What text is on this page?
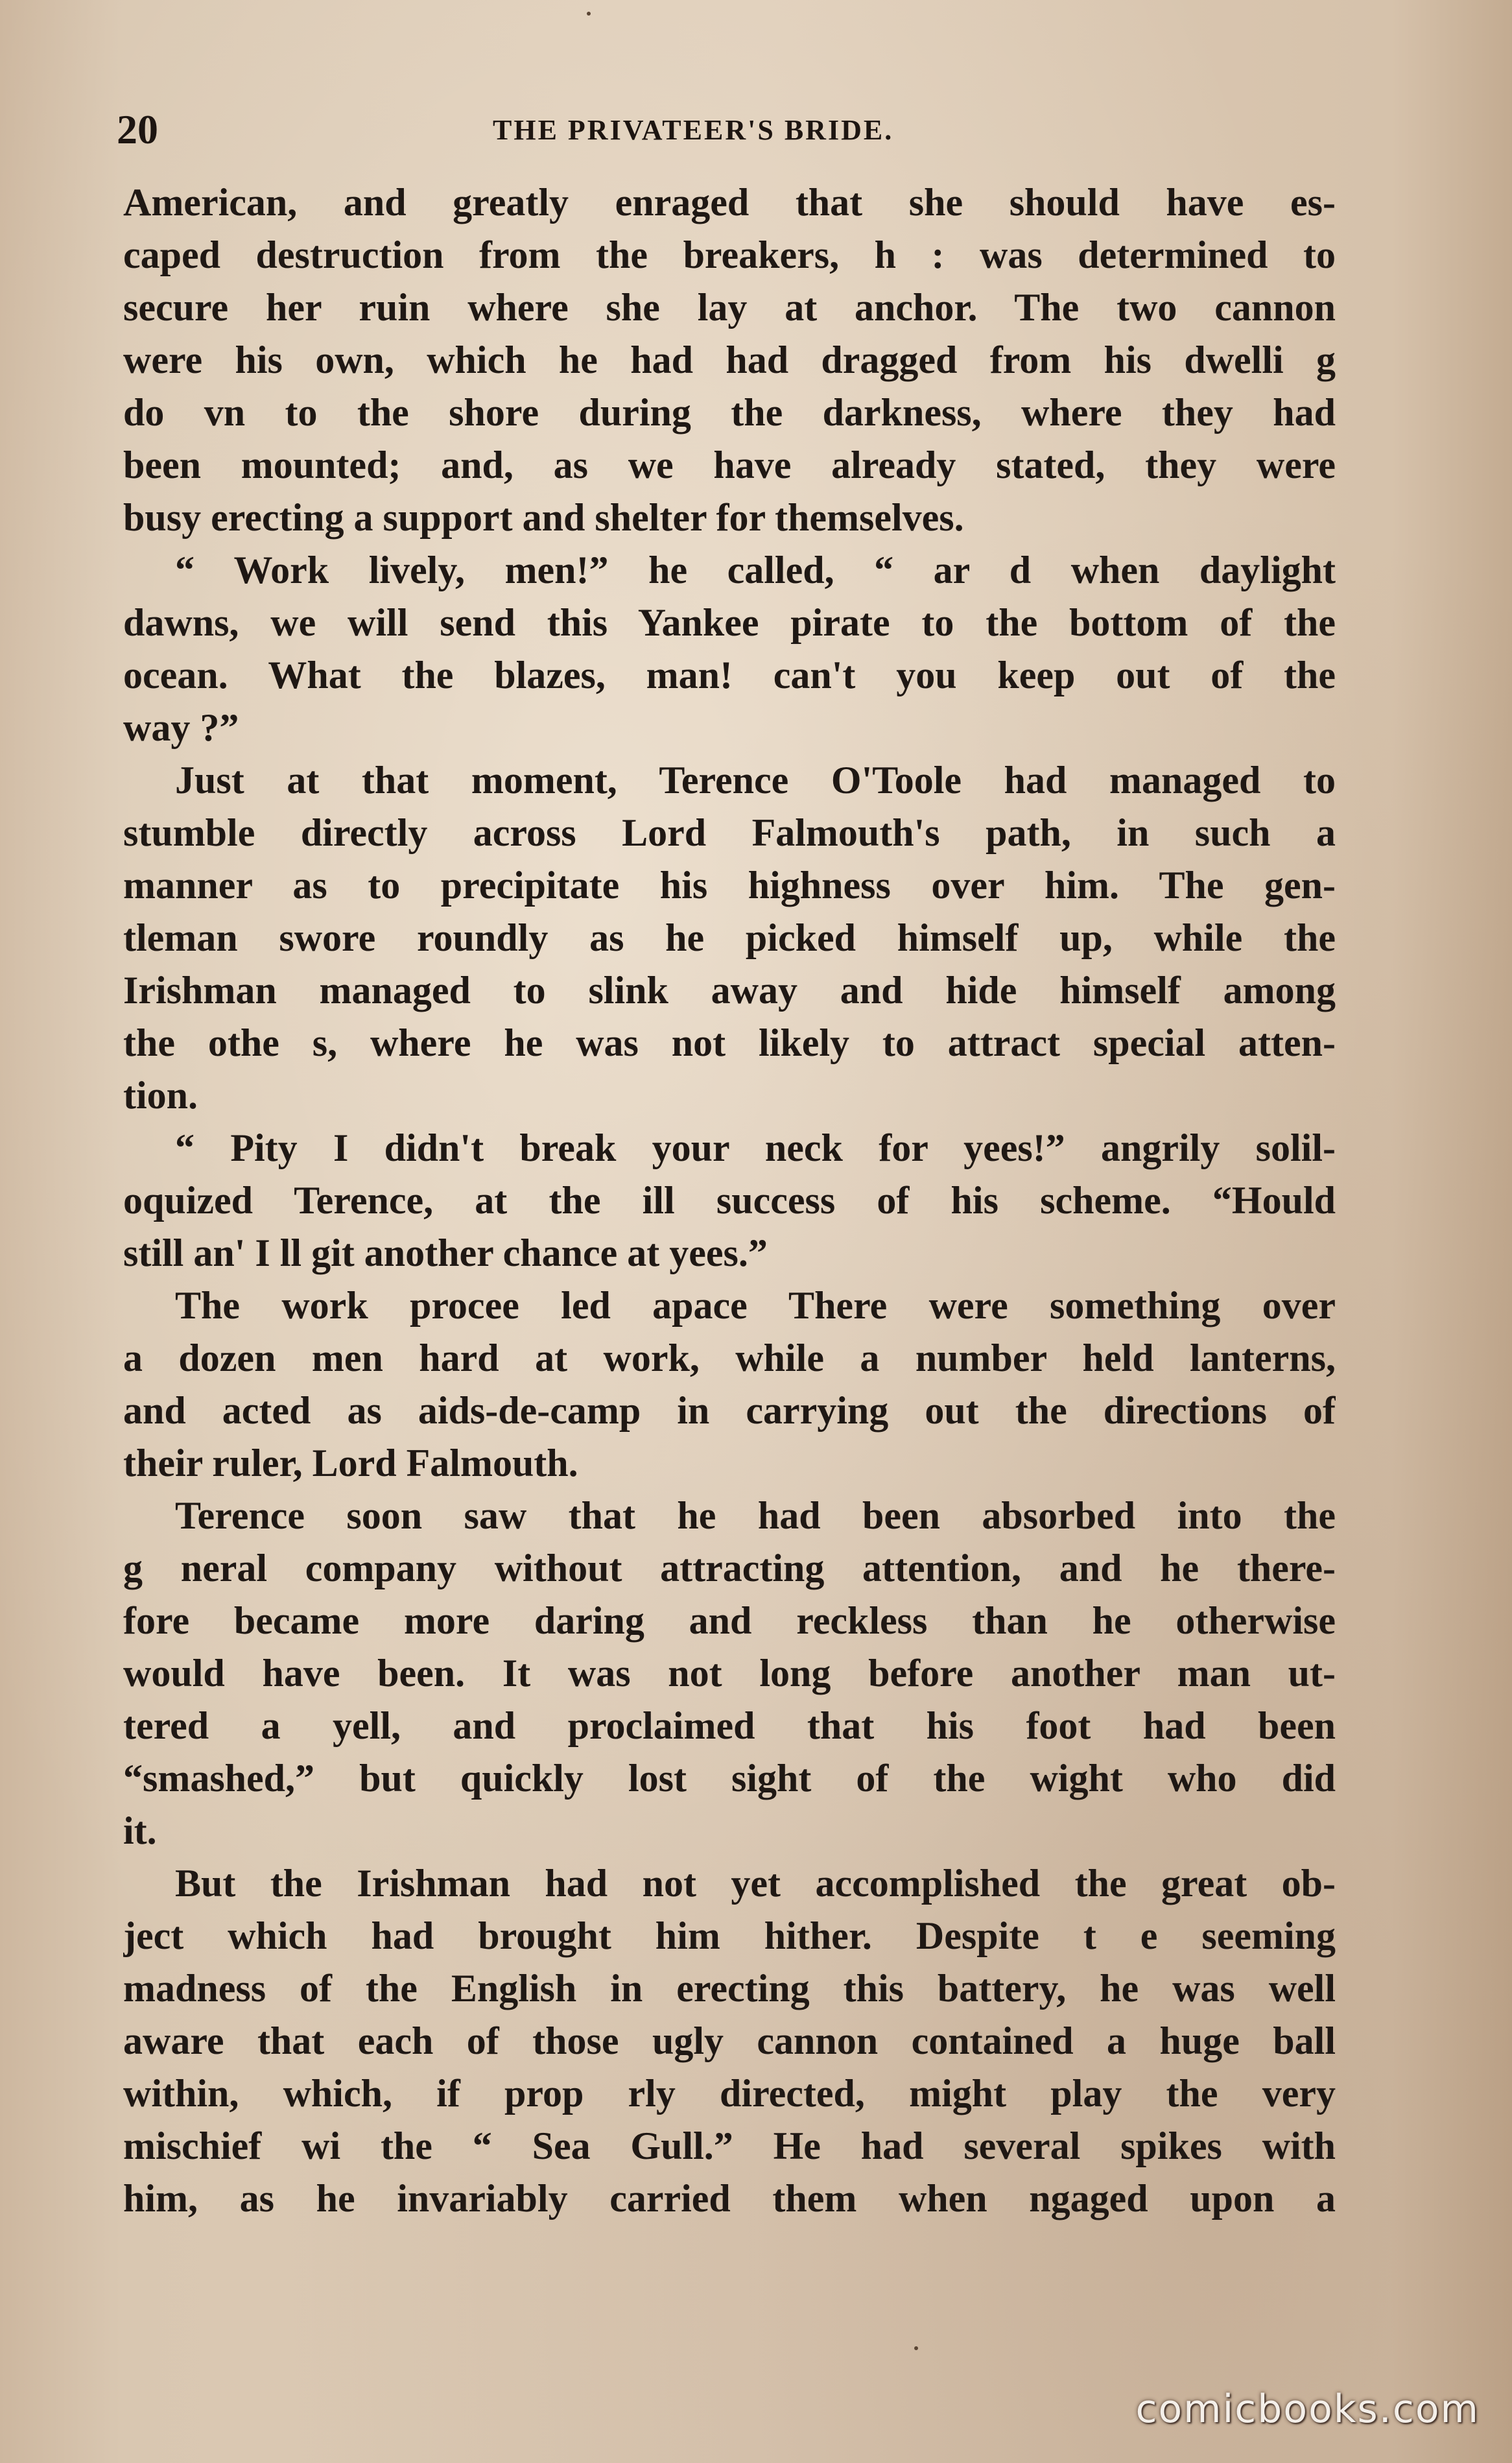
20	THE PRIVATEER'S BRIDE.
American, and greatly enraged that she should have es-
caped destruction from the breakers, h : was determined to
secure her ruin where she lay at anchor. The two cannon
were his own, which he had had dragged from his dwelli g
do vn to the shore during the darkness, where they had
been mounted; and, as we have already stated, they were
busy erecting a support and shelter for themselves.
“ Work lively, men!” he called, “ ar d when daylight
dawns, we will send this Yankee pirate to the bottom of the
ocean. What the blazes, man! can't you keep out of the
way ?”
Just at that moment, Terence O'Toole had managed to
stumble directly across Lord Falmouth's path, in such a
manner as to precipitate his highness over him. The gen-
tleman swore roundly as he picked himself up, while the
Irishman managed to slink away and hide himself among
the othe s, where he was not likely to attract special atten-
tion.
“ Pity I didn't break your neck for yees!” angrily solil-
oquized Terence, at the ill success of his scheme. “Hould
still an' I ll git another chance at yees.”
The work procee led apace There were something over
a dozen men hard at work, while a number held lanterns,
and acted as aids-de-camp in carrying out the directions of
their ruler, Lord Falmouth.
Terence soon saw that he had been absorbed into the
g neral company without attracting attention, and he there-
fore became more daring and reckless than he otherwise
would have been. It was not long before another man ut-
tered a yell, and proclaimed that his foot had been
“smashed,” but quickly lost sight of the wight who did
it.
But the Irishman had not yet accomplished the great ob-
ject which had brought him hither. Despite t e seeming
madness of the English in erecting this battery, he was well
aware that each of those ugly cannon contained a huge ball
within, which, if prop rly directed, might play the very
mischief wi the “ Sea Gull.” He had several spikes with
him, as he invariably carried them when ngaged upon a
comicbooks.com
